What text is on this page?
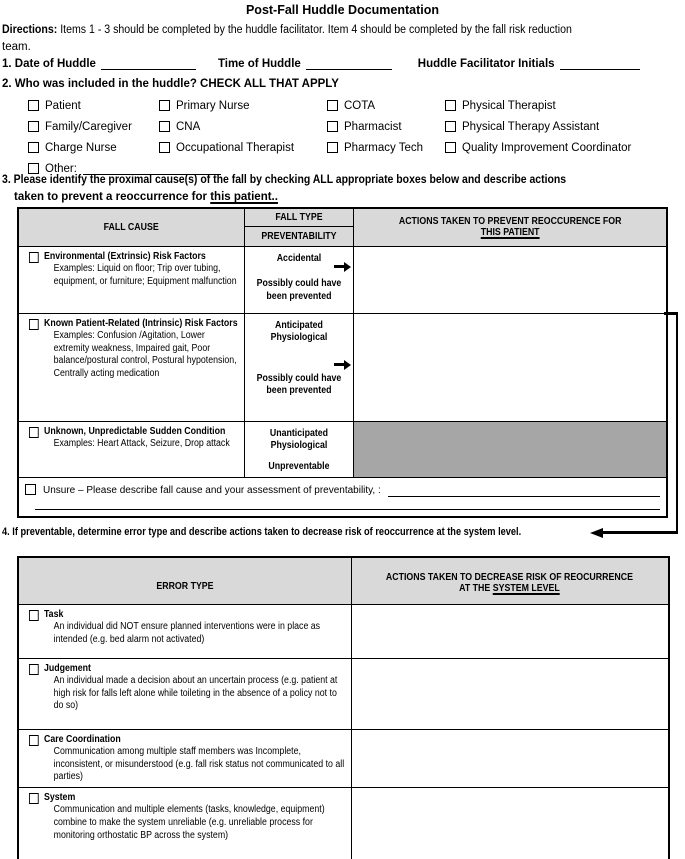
Post-Fall Huddle Documentation
Directions: Items 1 - 3 should be completed by the huddle facilitator. Item 4 should be completed by the fall risk reduction
team.
1. Date of Huddle	Time of Huddle	Huddle Facilitator Initials
2. Who was included in the huddle? CHECK ALL THAT APPLY
Patient	Primary Nurse	COTA	Physical Therapist
Family/Caregiver	CNA	Pharmacist	Physical Therapy Assistant
Charge Nurse	Occupational Therapist	Pharmacy Tech	Quality Improvement Coordinator
Other:
3. Please identify the proximal cause(s) of the fall by checking ALL appropriate boxes below and describe actions
taken to prevent a reoccurrence for this patient..
FALL CAUSE	FALL TYPE	ACTIONS TAKEN TO PREVENT REOCCURENCE FOR
THIS PATIENT

	PREVENTABILITY	

Environmental (Extrinsic) Risk Factors
Examples: Liquid on floor; Trip over tubing, equipment, or furniture; Equipment malfunction

Accidental
Possibly could have been prevented

Known Patient-Related (Intrinsic) Risk Factors
Examples: Confusion /Agitation, Lower extremity weakness, Impaired gait, Poor balance/postural control, Postural hypotension, Centrally acting medication

Anticipated Physiological
Possibly could have been prevented

Unknown, Unpredictable Sudden Condition
Examples: Heart Attack, Seizure, Drop attack

Unanticipated Physiological
Unpreventable

Unsure – Please describe fall cause and your assessment of preventability, :		
4. If preventable, determine error type and describe actions taken to decrease risk of reoccurrence at the system level.
ERROR TYPE	ACTIONS TAKEN TO DECREASE RISK OF REOCURRENCE
AT THE SYSTEM LEVEL

Task
An individual did NOT ensure planned interventions were in place as intended (e.g. bed alarm not activated)	

Judgement
An individual made a decision about an uncertain process (e.g. patient at high risk for falls left alone while toileting in the absence of a policy not to do so)	

Care Coordination
Communication among multiple staff members was Incomplete, inconsistent, or misunderstood (e.g. fall risk status not communicated to all parties)	

System
Communication and multiple elements (tasks, knowledge, equipment) combine to make the system unreliable (e.g. unreliable process for monitoring orthostatic BP across the system)	
